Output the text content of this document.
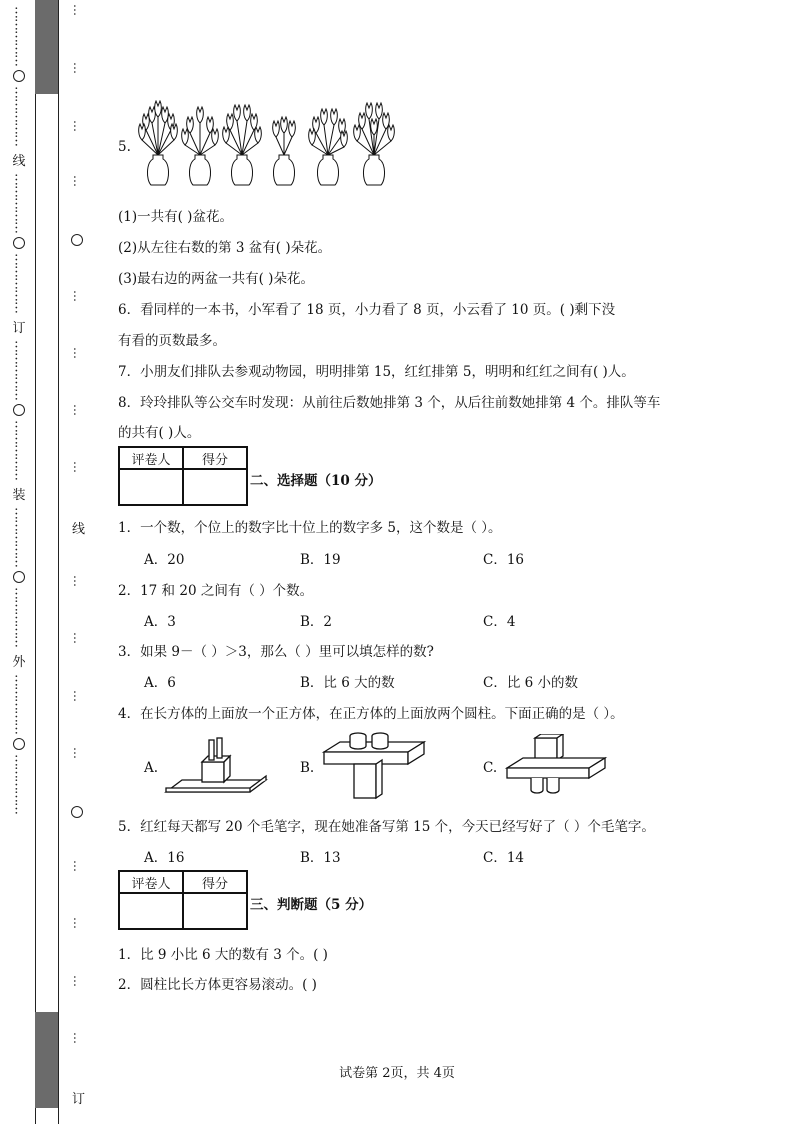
……………
……………
线
……………
……………
订
……………
……………
装
……………
……………
外
……………
……………
…
…
…
…
…
…
…
…
线
…
…
…
…
…
…
…
…
订
5.
(1)一共有( )盆花。
(2)从左往右数的第 3 盆有( )朵花。
(3)最右边的两盆一共有( )朵花。
6．看同样的一本书，小军看了 18 页，小力看了 8 页，小云看了 10 页。( )剩下没
有看的页数最多。
7．小朋友们排队去参观动物园，明明排第 15，红红排第 5，明明和红红之间有( )人。
8．玲玲排队等公交车时发现：从前往后数她排第 3 个，从后往前数她排第 4 个。排队等车
的共有( )人。
评卷人	得分

二、选择题（10 分）
1．一个数，个位上的数字比十位上的数字多 5，这个数是（ ）。
A．20	B．19	C．16
2．17 和 20 之间有（ ）个数。
A．3	B．2	C．4
3．如果 9－（ ）＞3，那么（ ）里可以填怎样的数?
A．6	B．比 6 大的数	C．比 6 小的数
4．在长方体的上面放一个正方体，在正方体的上面放两个圆柱。下面正确的是（ ）。
A.	B.	C.
5．红红每天都写 20 个毛笔字，现在她准备写第 15 个，今天已经写好了（ ）个毛笔字。
A．16	B．13	C．14
评卷人	得分

三、判断题（5 分）
1．比 9 小比 6 大的数有 3 个。( )
2．圆柱比长方体更容易滚动。( )
试卷第 2页，共 4页
